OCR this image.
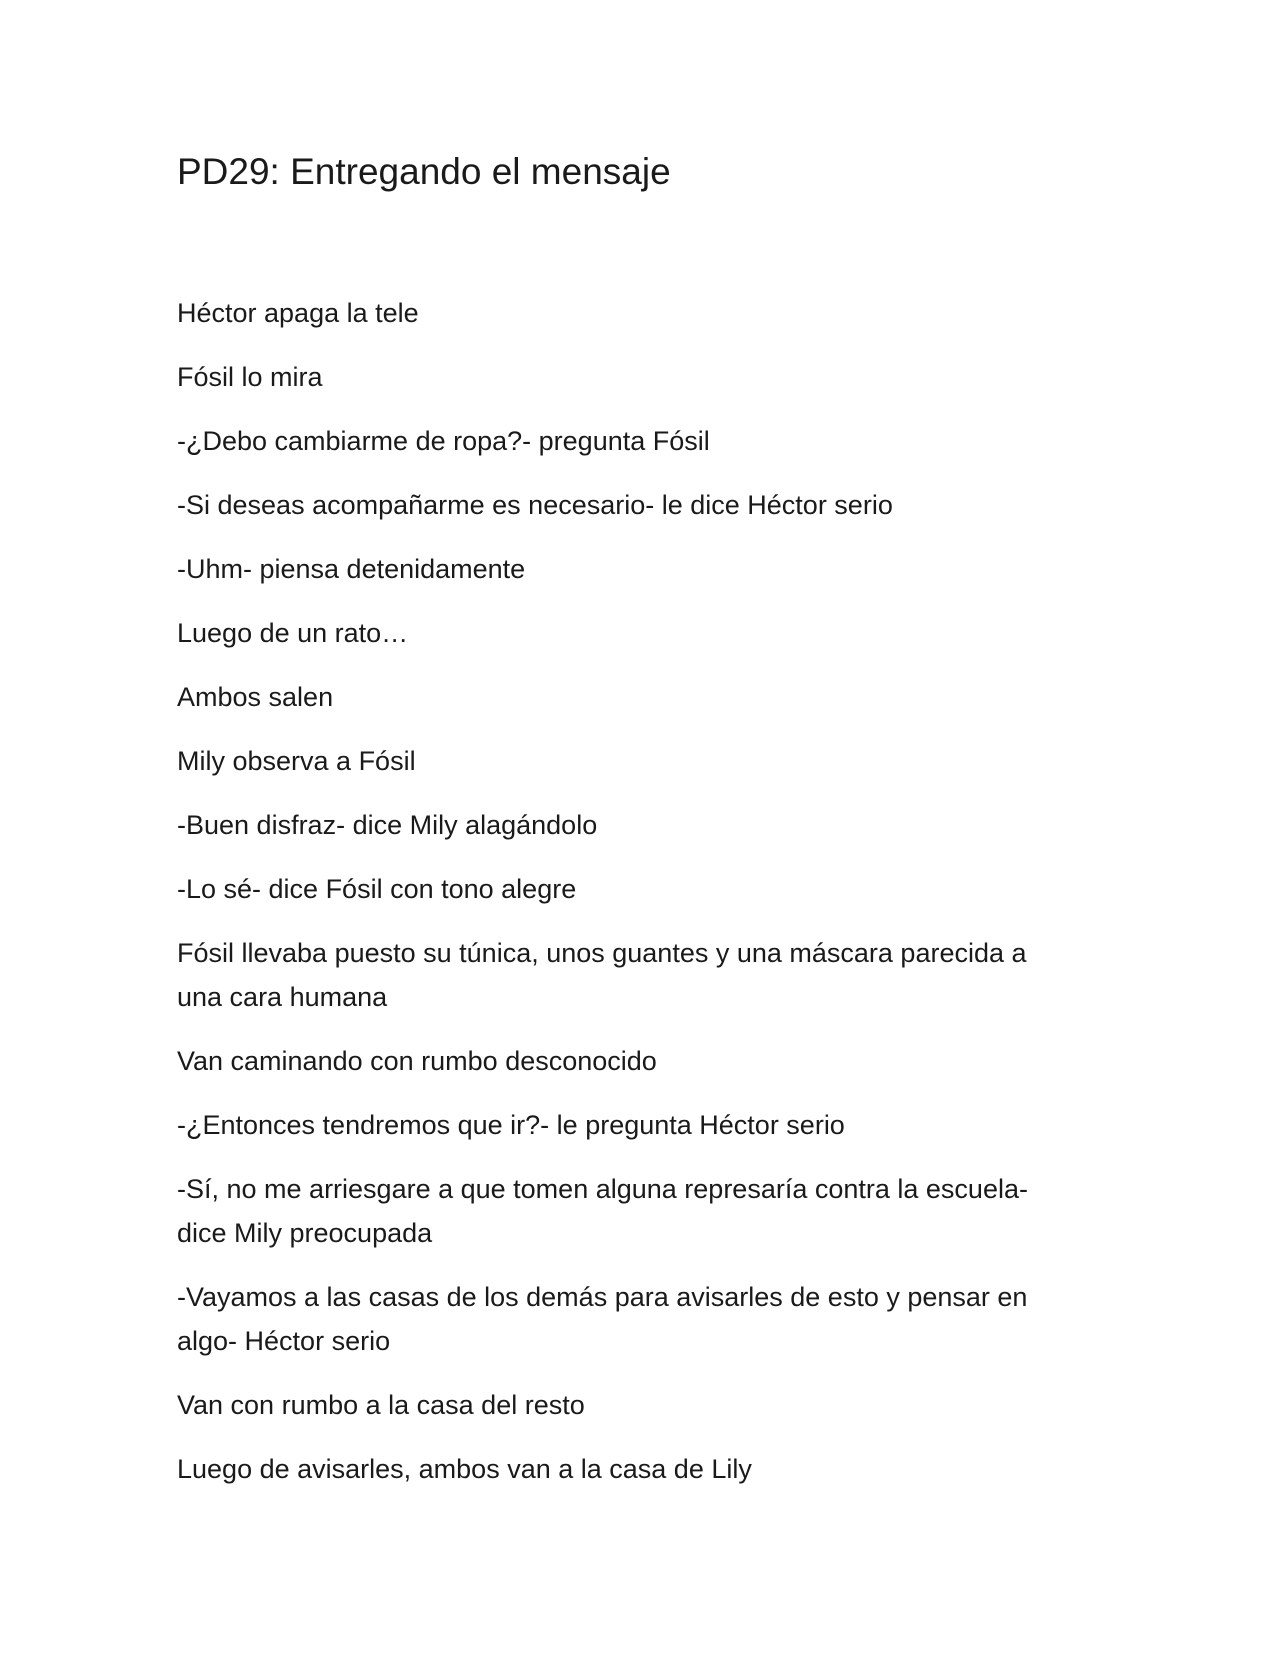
PD29: Entregando el mensaje

Héctor apaga la tele

Fósil lo mira

-¿Debo cambiarme de ropa?- pregunta Fósil

-Si deseas acompañarme es necesario- le dice Héctor serio

-Uhm- piensa detenidamente

Luego de un rato…

Ambos salen

Mily observa a Fósil

-Buen disfraz- dice Mily alagándolo

-Lo sé- dice Fósil con tono alegre

Fósil llevaba puesto su túnica, unos guantes y una máscara parecida a una cara humana

Van caminando con rumbo desconocido

-¿Entonces tendremos que ir?- le pregunta Héctor serio

-Sí, no me arriesgare a que tomen alguna represaría contra la escuela- dice Mily preocupada

-Vayamos a las casas de los demás para avisarles de esto y pensar en algo- Héctor serio

Van con rumbo a la casa del resto

Luego de avisarles, ambos van a la casa de Lily
